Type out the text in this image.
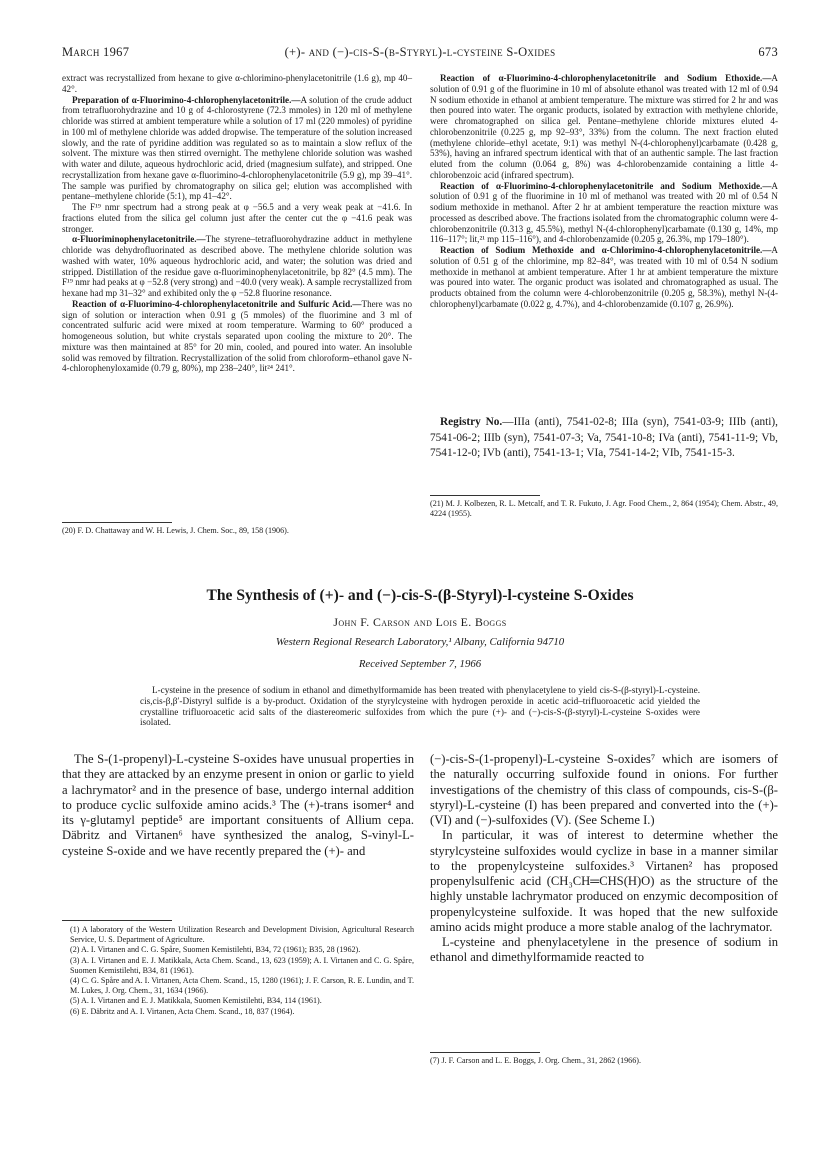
March 1967	(+)- and (−)-cis-S-(β-Styryl)-l-cysteine S-Oxides	673

extract was recrystallized from hexane to give α-chlorimino-phenylacetonitrile (1.6 g), mp 40–42°.

Preparation of α-Fluorimino-4-chlorophenylacetonitrile.—A solution of the crude adduct from tetrafluorohydrazine and 10 g of 4-chlorostyrene (72.3 mmoles) in 120 ml of methylene chloride was stirred at ambient temperature while a solution of 17 ml (220 mmoles) of pyridine in 100 ml of methylene chloride was added dropwise. The temperature of the solution increased slowly, and the rate of pyridine addition was regulated so as to maintain a slow reflux of the solvent. The mixture was then stirred overnight. The methylene chloride solution was washed with water and dilute, aqueous hydrochloric acid, dried (magnesium sulfate), and stripped. One recrystallization from hexane gave α-fluorimino-4-chlorophenylacetonitrile (5.9 g), mp 39–41°. The sample was purified by chromatography on silica gel; elution was accomplished with pentane–methylene chloride (5:1), mp 41–42°.

The F¹⁹ nmr spectrum had a strong peak at φ −56.5 and a very weak peak at −41.6. In fractions eluted from the silica gel column just after the center cut the φ −41.6 peak was stronger.

α-Fluoriminophenylacetonitrile.—The styrene–tetrafluorohydrazine adduct in methylene chloride was dehydrofluorinated as described above. The methylene chloride solution was washed with water, 10% aqueous hydrochloric acid, and water; the solution was dried and stripped. Distillation of the residue gave α-fluoriminophenylacetonitrile, bp 82° (4.5 mm). The F¹⁹ nmr had peaks at φ −52.8 (very strong) and −40.0 (very weak). A sample recrystallized from hexane had mp 31–32° and exhibited only the φ −52.8 fluorine resonance.

Reaction of α-Fluorimino-4-chlorophenylacetonitrile and Sulfuric Acid.—There was no sign of solution or interaction when 0.91 g (5 mmoles) of the fluorimine and 3 ml of concentrated sulfuric acid were mixed at room temperature. Warming to 60° produced a homogeneous solution, but white crystals separated upon cooling the mixture to 20°. The mixture was then maintained at 85° for 20 min, cooled, and poured into water. An insoluble solid was removed by filtration. Recrystallization of the solid from chloroform–ethanol gave N-4-chlorophenyloxamide (0.79 g, 80%), mp 238–240°, lit²⁴ 241°.

(20) F. D. Chattaway and W. H. Lewis, J. Chem. Soc., 89, 158 (1906).

Reaction of α-Fluorimino-4-chlorophenylacetonitrile and Sodium Ethoxide.—A solution of 0.91 g of the fluorimine in 10 ml of absolute ethanol was treated with 12 ml of 0.94 N sodium ethoxide in ethanol at ambient temperature. The mixture was stirred for 2 hr and was then poured into water. The organic products, isolated by extraction with methylene chloride, were chromatographed on silica gel. Pentane–methylene chloride mixtures eluted 4-chlorobenzonitrile (0.225 g, mp 92–93°, 33%) from the column. The next fraction eluted (methylene chloride–ethyl acetate, 9:1) was methyl N-(4-chlorophenyl)carbamate (0.428 g, 53%), having an infrared spectrum identical with that of an authentic sample. The last fraction eluted from the column (0.064 g, 8%) was 4-chlorobenzamide containing a little 4-chlorobenzoic acid (infrared spectrum).

Reaction of α-Fluorimino-4-chlorophenylacetonitrile and Sodium Methoxide.—A solution of 0.91 g of the fluorimine in 10 ml of methanol was treated with 20 ml of 0.54 N sodium methoxide in methanol. After 2 hr at ambient temperature the reaction mixture was processed as described above. The fractions isolated from the chromatographic column were 4-chlorobenzonitrile (0.313 g, 45.5%), methyl N-(4-chlorophenyl)carbamate (0.130 g, 14%, mp 116–117°; lit,²¹ mp 115–116°), and 4-chlorobenzamide (0.205 g, 26.3%, mp 179–180°).

Reaction of Sodium Methoxide and α-Chlorimino-4-chlorophenylacetonitrile.—A solution of 0.51 g of the chlorimine, mp 82–84°, was treated with 10 ml of 0.54 N sodium methoxide in methanol at ambient temperature. After 1 hr at ambient temperature the mixture was poured into water. The organic product was isolated and chromatographed as usual. The products obtained from the column were 4-chlorobenzonitrile (0.205 g, 58.3%), methyl N-(4-chlorophenyl)carbamate (0.022 g, 4.7%), and 4-chlorobenzamide (0.107 g, 26.9%).

Registry No.—IIIa (anti), 7541-02-8; IIIa (syn), 7541-03-9; IIIb (anti), 7541-06-2; IIIb (syn), 7541-07-3; Va, 7541-10-8; IVa (anti), 7541-11-9; Vb, 7541-12-0; IVb (anti), 7541-13-1; VIa, 7541-14-2; VIb, 7541-15-3.

(21) M. J. Kolbezen, R. L. Metcalf, and T. R. Fukuto, J. Agr. Food Chem., 2, 864 (1954); Chem. Abstr., 49, 4224 (1955).
The Synthesis of (+)- and (−)-cis-S-(β-Styryl)-l-cysteine S-Oxides

John F. Carson and Lois E. Boggs

Western Regional Research Laboratory,¹ Albany, California 94710

Received September 7, 1966

L-cysteine in the presence of sodium in ethanol and dimethylformamide has been treated with phenylacetylene to yield cis-S-(β-styryl)-L-cysteine. cis,cis-β,β′-Distyryl sulfide is a by-product. Oxidation of the styrylcysteine with hydrogen peroxide in acetic acid–trifluoroacetic acid yielded the crystalline trifluoroacetic acid salts of the diastereomeric sulfoxides from which the pure (+)- and (−)-cis-S-(β-styryl)-L-cysteine S-oxides were isolated.

The S-(1-propenyl)-L-cysteine S-oxides have unusual properties in that they are attacked by an enzyme present in onion or garlic to yield a lachrymator² and in the presence of base, undergo internal addition to produce cyclic sulfoxide amino acids.³ The (+)-trans isomer⁴ and its γ-glutamyl peptide⁵ are important consituents of Allium cepa. Däbritz and Virtanen⁶ have synthesized the analog, S-vinyl-L-cysteine S-oxide and we have recently prepared the (+)- and

(1) A laboratory of the Western Utilization Research and Development Division, Agricultural Research Service, U. S. Department of Agriculture.
(2) A. I. Virtanen and C. G. Spåre, Suomen Kemistilehti, B34, 72 (1961); B35, 28 (1962).
(3) A. I. Virtanen and E. J. Matikkala, Acta Chem. Scand., 13, 623 (1959); A. I. Virtanen and C. G. Spåre, Suomen Kemistilehti, B34, 81 (1961).
(4) C. G. Spåre and A. I. Virtanen, Acta Chem. Scand., 15, 1280 (1961); J. F. Carson, R. E. Lundin, and T. M. Lukes, J. Org. Chem., 31, 1634 (1966).
(5) A. I. Virtanen and E. J. Matikkala, Suomen Kemistilehti, B34, 114 (1961).
(6) E. Däbritz and A. I. Virtanen, Acta Chem. Scand., 18, 837 (1964).

(−)-cis-S-(1-propenyl)-L-cysteine S-oxides⁷ which are isomers of the naturally occurring sulfoxide found in onions. For further investigations of the chemistry of this class of compounds, cis-S-(β-styryl)-L-cysteine (I) has been prepared and converted into the (+)- (VI) and (−)-sulfoxides (V). (See Scheme I.)

In particular, it was of interest to determine whether the styrylcysteine sulfoxides would cyclize in base in a manner similar to the propenylcysteine sulfoxides.³ Virtanen² has proposed propenylsulfenic acid (CH₃CH═CHS(H)O) as the structure of the highly unstable lachrymator produced on enzymic decomposition of propenylcysteine sulfoxide. It was hoped that the new sulfoxide amino acids might produce a more stable analog of the lachrymator.

L-cysteine and phenylacetylene in the presence of sodium in ethanol and dimethylformamide reacted to

(7) J. F. Carson and L. E. Boggs, J. Org. Chem., 31, 2862 (1966).
